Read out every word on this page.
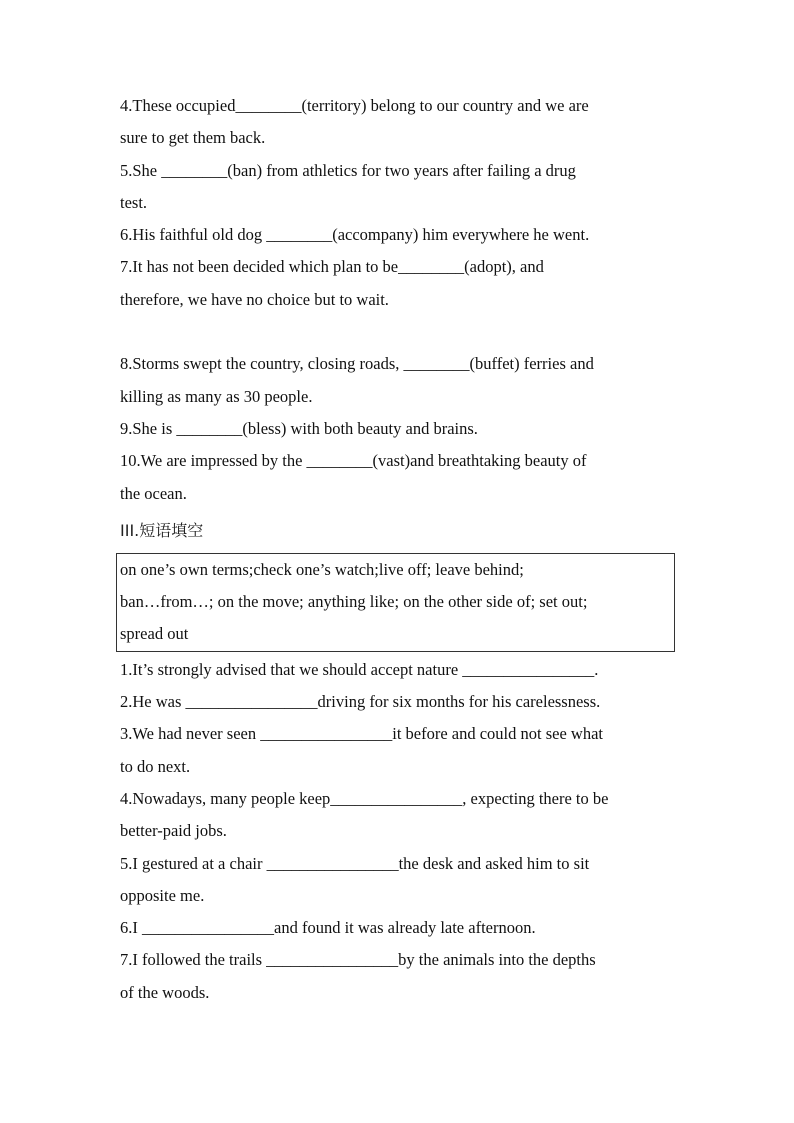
4.These occupied________(territory) belong to our country and we are
sure to get them back.
5.She ________(ban) from athletics for two years after failing a drug
test.
6.His faithful old dog ________(accompany) him everywhere he went.
7.It has not been decided which plan to be________(adopt), and
therefore, we have no choice but to wait.
8.Storms swept the country, closing roads, ________(buffet) ferries and
killing as many as 30 people.
9.She is ________(bless) with both beauty and brains.
10.We are impressed by the ________(vast)and breathtaking beauty of
the ocean.
III.短语填空
on one’s own terms;check one’s watch;live off; leave behind;
ban…from…; on the move; anything like; on the other side of; set out;
spread out
1.It’s strongly advised that we should accept nature ________________.
2.He was ________________driving for six months for his carelessness.
3.We had never seen ________________it before and could not see what
to do next.
4.Nowadays, many people keep________________, expecting there to be
better-paid jobs.
5.I gestured at a chair ________________the desk and asked him to sit
opposite me.
6.I ________________and found it was already late afternoon.
7.I followed the trails ________________by the animals into the depths
of the woods.
